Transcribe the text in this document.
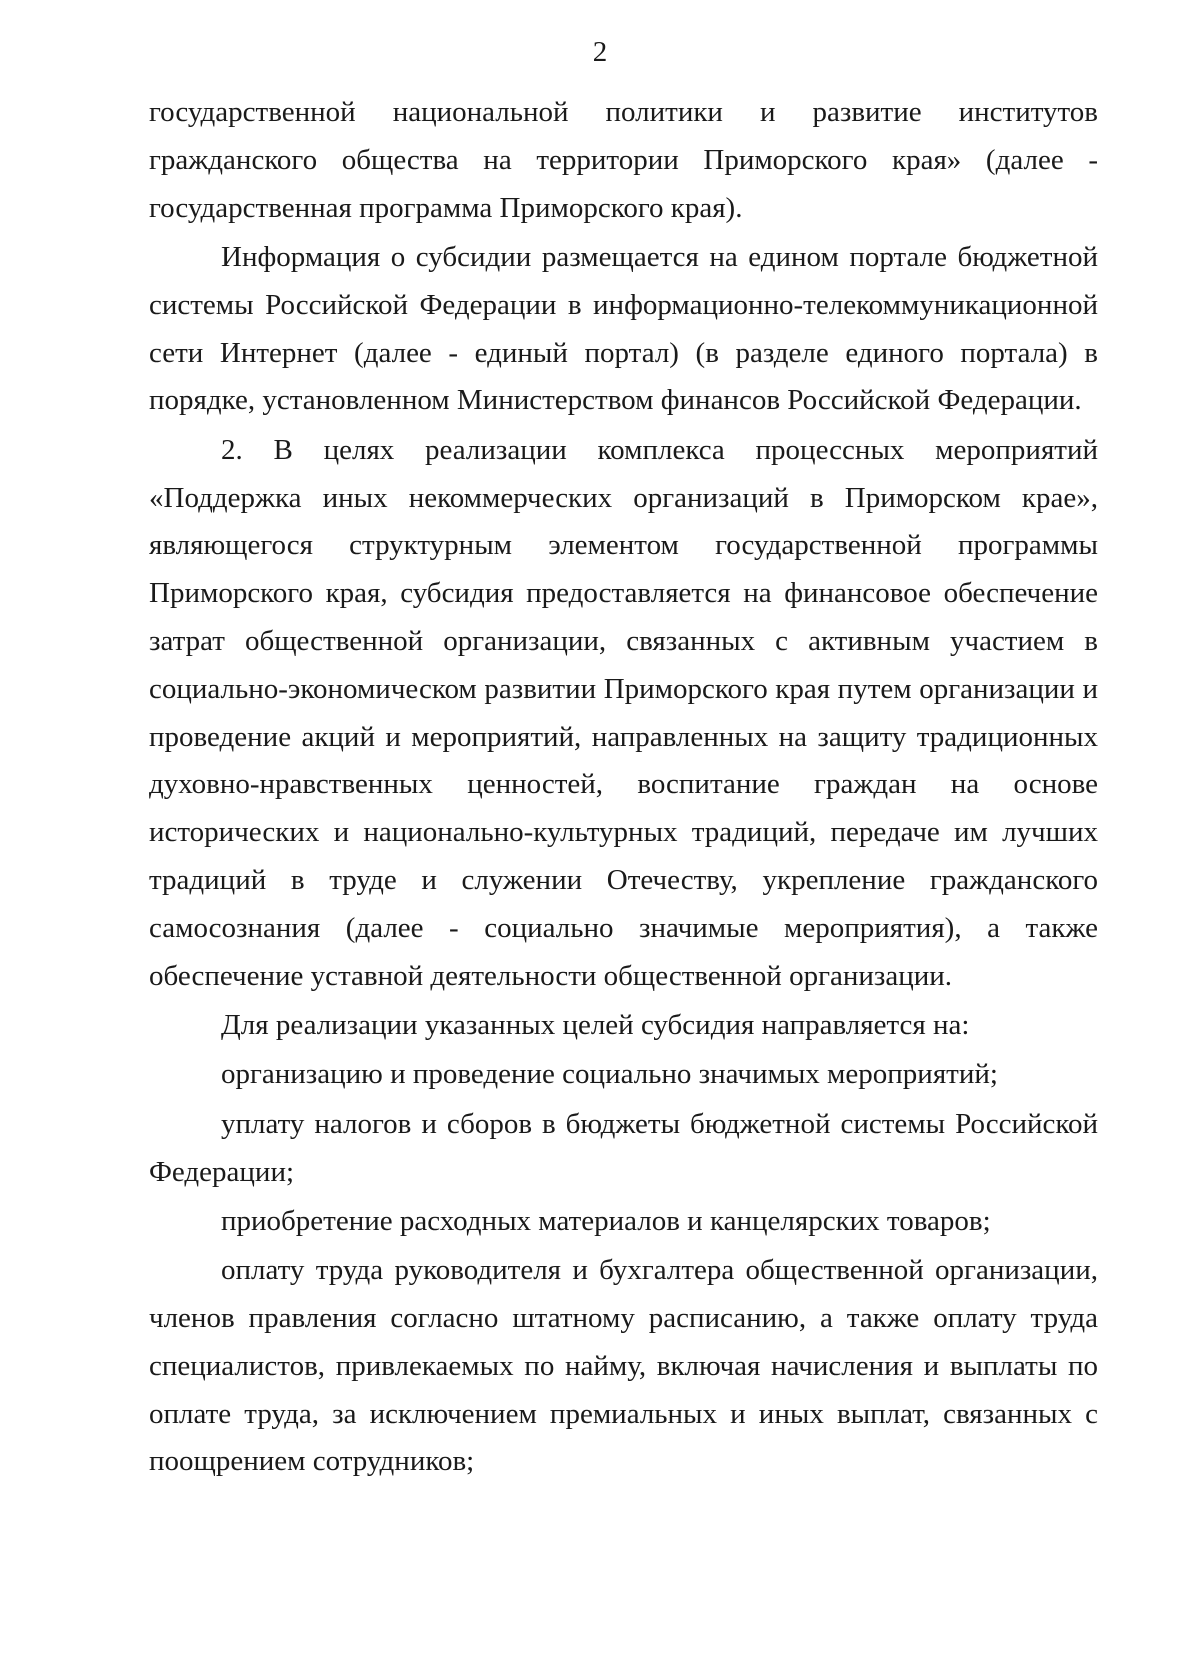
2

государственной национальной политики и развитие институтов гражданского общества на территории Приморского края» (далее - государственная программа Приморского края).

Информация о субсидии размещается на едином портале бюджетной системы Российской Федерации в информационно-телекоммуникационной сети Интернет (далее - единый портал) (в разделе единого портала) в порядке, установленном Министерством финансов Российской Федерации.

2. В целях реализации комплекса процессных мероприятий «Поддержка иных некоммерческих организаций в Приморском крае», являющегося структурным элементом государственной программы Приморского края, субсидия предоставляется на финансовое обеспечение затрат общественной организации, связанных с активным участием в социально-экономическом развитии Приморского края путем организации и проведение акций и мероприятий, направленных на защиту традиционных духовно-нравственных ценностей, воспитание граждан на основе исторических и национально-культурных традиций, передаче им лучших традиций в труде и служении Отечеству, укрепление гражданского самосознания (далее - социально значимые мероприятия), а также обеспечение уставной деятельности общественной организации.

Для реализации указанных целей субсидия направляется на:

организацию и проведение социально значимых мероприятий;

уплату налогов и сборов в бюджеты бюджетной системы Российской Федерации;

приобретение расходных материалов и канцелярских товаров;

оплату труда руководителя и бухгалтера общественной организации, членов правления согласно штатному расписанию, а также оплату труда специалистов, привлекаемых по найму, включая начисления и выплаты по оплате труда, за исключением премиальных и иных выплат, связанных с поощрением сотрудников;
